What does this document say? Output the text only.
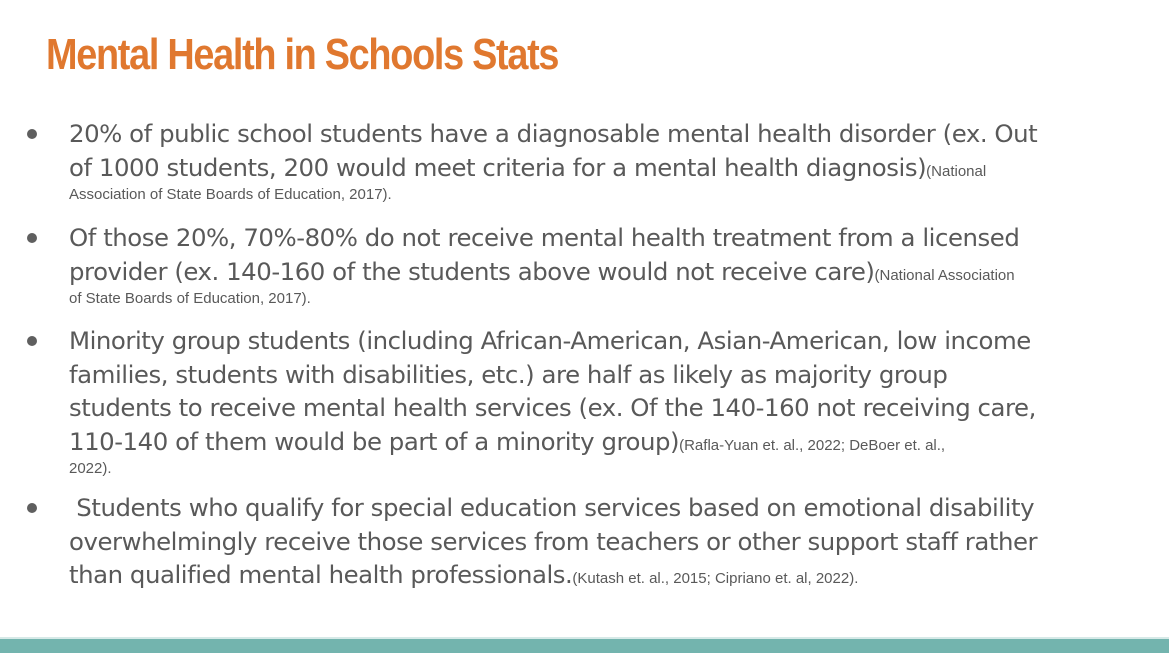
Mental Health in Schools Stats
20% of public school students have a diagnosable mental health disorder (ex. Out
of 1000 students, 200 would meet criteria for a mental health diagnosis)(National
Association of State Boards of Education, 2017).
Of those 20%, 70%-80% do not receive mental health treatment from a licensed
provider (ex. 140-160 of the students above would not receive care)(National Association
of State Boards of Education, 2017).
Minority group students (including African-American, Asian-American, low income
families, students with disabilities, etc.) are half as likely as majority group
students to receive mental health services (ex. Of the 140-160 not receiving care,
110-140 of them would be part of a minority group)(Rafla-Yuan et. al., 2022; DeBoer et. al.,
2022).
Students who qualify for special education services based on emotional disability
overwhelmingly receive those services from teachers or other support staff rather
than qualified mental health professionals.(Kutash et. al., 2015; Cipriano et. al, 2022).
